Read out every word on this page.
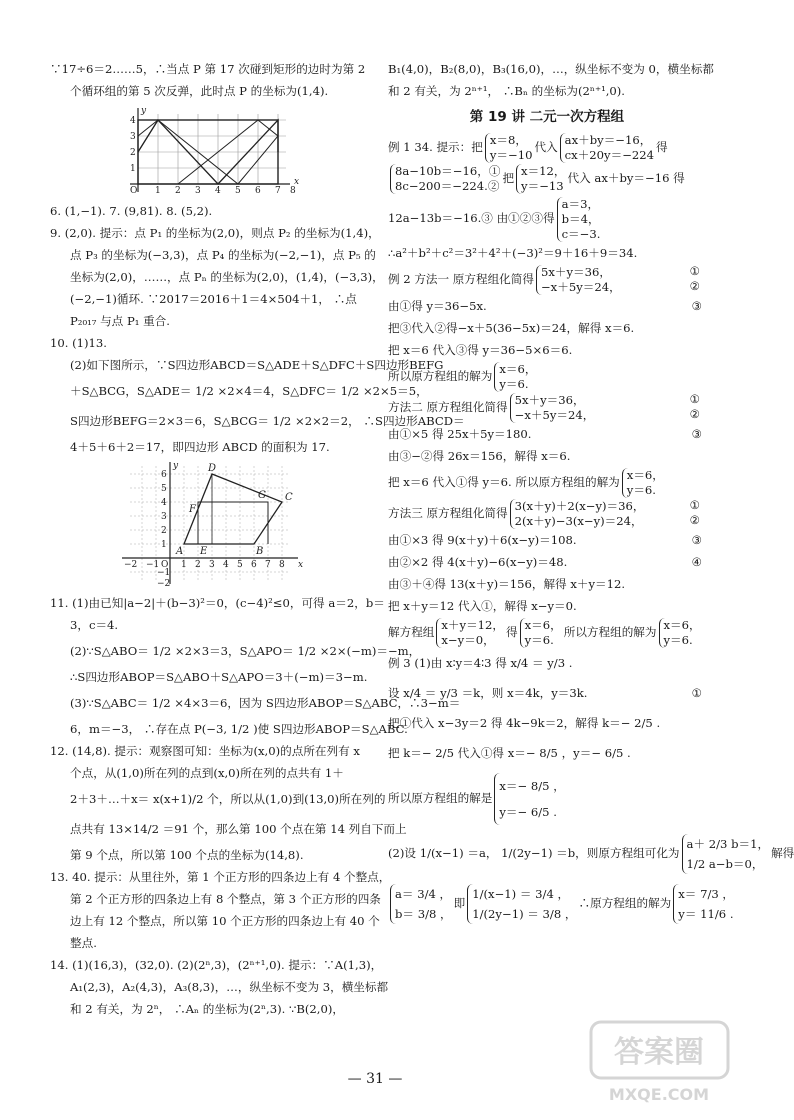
∵17÷6＝2……5，∴当点 P 第 17 次碰到矩形的边时为第 2
个循环组的第 5 次反弹，此时点 P 的坐标为(1,4).
O 1 2 3 4 5 6 7 8
1
2
3
4
x
y
6. (1,−1). 7. (9,81). 8. (5,2).
9. (2,0). 提示：点 P₁ 的坐标为(2,0)，则点 P₂ 的坐标为(1,4)，
点 P₃ 的坐标为(−3,3)，点 P₄ 的坐标为(−2,−1)，点 P₅ 的
坐标为(2,0)，……，点 Pₙ 的坐标为(2,0)，(1,4)，(−3,3)，
(−2,−1)循环. ∵2017＝2016＋1＝4×504＋1， ∴点
P₂₀₁₇ 与点 P₁ 重合.
10. (1)13.
(2)如下图所示，∵S四边形ABCD＝S△ADE＋S△DFC＋S四边形BEFG
＋S△BCG，S△ADE＝ 1/2 ×2×4＝4，S△DFC＝ 1/2 ×2×5＝5，
S四边形BEFG＝2×3＝6，S△BCG＝ 1/2 ×2×2＝2， ∴S四边形ABCD＝
4＋5＋6＋2＝17，即四边形 ABCD 的面积为 17.
−2 −1 O 1 2 3 4 5 6 7 8
6
5
4
3
2
1
−1
−2
A	B
C
D
E
F
G
x
y
11. (1)由已知|a−2|＋(b−3)²＝0，(c−4)²≤0，可得 a＝2，b＝
3，c＝4.
(2)∵S△ABO＝ 1/2 ×2×3＝3，S△APO＝ 1/2 ×2×(−m)＝−m，
∴S四边形ABOP＝S△ABO＋S△APO＝3＋(−m)＝3−m.
(3)∵S△ABC＝ 1/2 ×4×3＝6，因为 S四边形ABOP＝S△ABC，∴3−m＝
6，m＝−3， ∴存在点 P(−3, 1/2 )使 S四边形ABOP＝S△ABC.
12. (14,8). 提示：观察图可知：坐标为(x,0)的点所在列有 x
个点，从(1,0)所在列的点到(x,0)所在列的点共有 1＋
2＋3＋…＋x＝ x(x+1)/2 个，所以从(1,0)到(13,0)所在列的
点共有 13×14/2 ＝91 个，那么第 100 个点在第 14 列自下而上
第 9 个点，所以第 100 个点的坐标为(14,8).
13. 40. 提示：从里往外，第 1 个正方形的四条边上有 4 个整点，
第 2 个正方形的四条边上有 8 个整点，第 3 个正方形的四条
边上有 12 个整点，所以第 10 个正方形的四条边上有 40 个
整点.
14. (1)(16,3)，(32,0). (2)(2ⁿ,3)，(2ⁿ⁺¹,0). 提示：∵A(1,3)，
A₁(2,3)，A₂(4,3)，A₃(8,3)，…，纵坐标不变为 3，横坐标都
和 2 有关，为 2ⁿ， ∴Aₙ 的坐标为(2ⁿ,3). ∵B(2,0)，
B₁(4,0)，B₂(8,0)，B₃(16,0)，…，纵坐标不变为 0，横坐标都
和 2 有关，为 2ⁿ⁺¹， ∴Bₙ 的坐标为(2ⁿ⁺¹,0).
第 19 讲 二元一次方程组
例 1 34. 提示：把 x＝8，
y＝−10代入 ax＋by＝−16，
cx＋20y＝−224得
8a−10b＝−16，①
8c−200＝−224.②把 x＝12，
y＝−13代入 ax＋by＝−16 得
12a−13b＝−16.③ 由①②③得a＝3，
b＝4，
c＝−3.
∴a²＋b²＋c²＝3²＋4²＋(−3)²＝9＋16＋9＝34.
例 2 方法一 原方程组化简得 5x＋y＝36，
−x＋5y＝24，
①
②
由①得 y＝36−5x.	③
把③代入②得−x＋5(36−5x)＝24，解得 x＝6.
把 x＝6 代入③得 y＝36−5×6＝6.
所以原方程组的解为 x＝6，
y＝6.
方法二 原方程组化简得 5x＋y＝36，
−x＋5y＝24，
①
②
由①×5 得 25x＋5y＝180.	③
由③−②得 26x＝156，解得 x＝6.
把 x＝6 代入①得 y＝6. 所以原方程组的解为 x＝6，
y＝6.
方法三 原方程组化简得 3(x＋y)＋2(x−y)＝36，
2(x＋y)−3(x−y)＝24，
①
②
由①×3 得 9(x＋y)＋6(x−y)＝108.	③
由②×2 得 4(x＋y)−6(x−y)＝48.	④
由③＋④得 13(x＋y)＝156，解得 x＋y＝12.
把 x＋y＝12 代入①，解得 x−y＝0.
解方程组 x＋y＝12，
x−y＝0，得 x＝6，
y＝6.所以方程组的解为 x＝6，
y＝6.
例 3 (1)由 x∶y＝4∶3 得 x/4 ＝ y/3 .
设 x/4 ＝ y/3 ＝k，则 x＝4k，y＝3k.	①
把①代入 x−3y＝2 得 4k−9k＝2，解得 k＝− 2/5 .
把 k＝− 2/5 代入①得 x＝− 8/5 ，y＝− 6/5 .
所以原方程组的解是x＝− 8/5 ，
y＝− 6/5 .
(2)设 1/(x−1) ＝a， 1/(2y−1) ＝b，则原方程组可化为a＋ 2/3 b＝1，
1/2 a−b＝0，解得
a＝ 3/4 ，
b＝ 3/8 ，即1/(x−1) ＝ 3/4 ，
1/(2y−1) ＝ 3/8 ，∴原方程组的解为x＝ 7/3 ，
y＝ 11/6 .
— 31 —
答案圈
MXQE.COM
